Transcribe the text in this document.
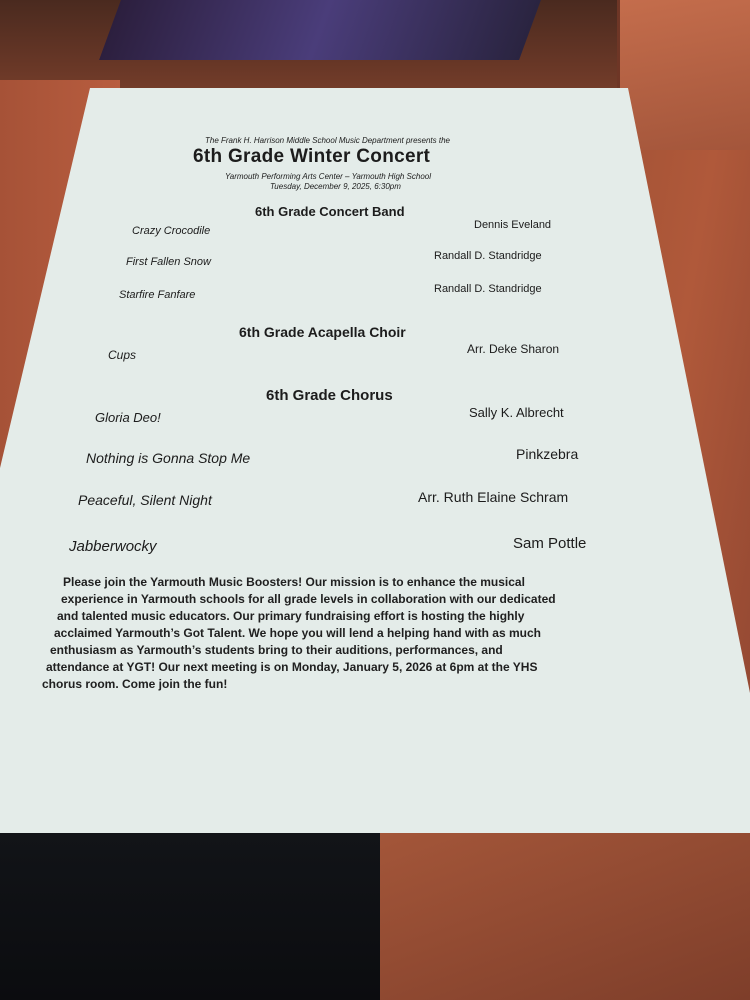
The Frank H. Harrison Middle School Music Department presents the
6th Grade Winter Concert
Yarmouth Performing Arts Center – Yarmouth High School
Tuesday, December 9, 2025, 6:30pm
6th Grade Concert Band
Crazy Crocodile	Dennis Eveland
First Fallen Snow	Randall D. Standridge
Starfire Fanfare	Randall D. Standridge
6th Grade Acapella Choir
Cups	Arr. Deke Sharon
6th Grade Chorus
Gloria Deo!	Sally K. Albrecht
Nothing is Gonna Stop Me	Pinkzebra
Peaceful, Silent Night	Arr. Ruth Elaine Schram
Jabberwocky	Sam Pottle
Please join the Yarmouth Music Boosters! Our mission is to enhance the musical
experience in Yarmouth schools for all grade levels in collaboration with our dedicated
and talented music educators. Our primary fundraising effort is hosting the highly
acclaimed Yarmouth’s Got Talent. We hope you will lend a helping hand with as much
enthusiasm as Yarmouth’s students bring to their auditions, performances, and
attendance at YGT! Our next meeting is on Monday, January 5, 2026 at 6pm at the YHS
chorus room. Come join the fun!
